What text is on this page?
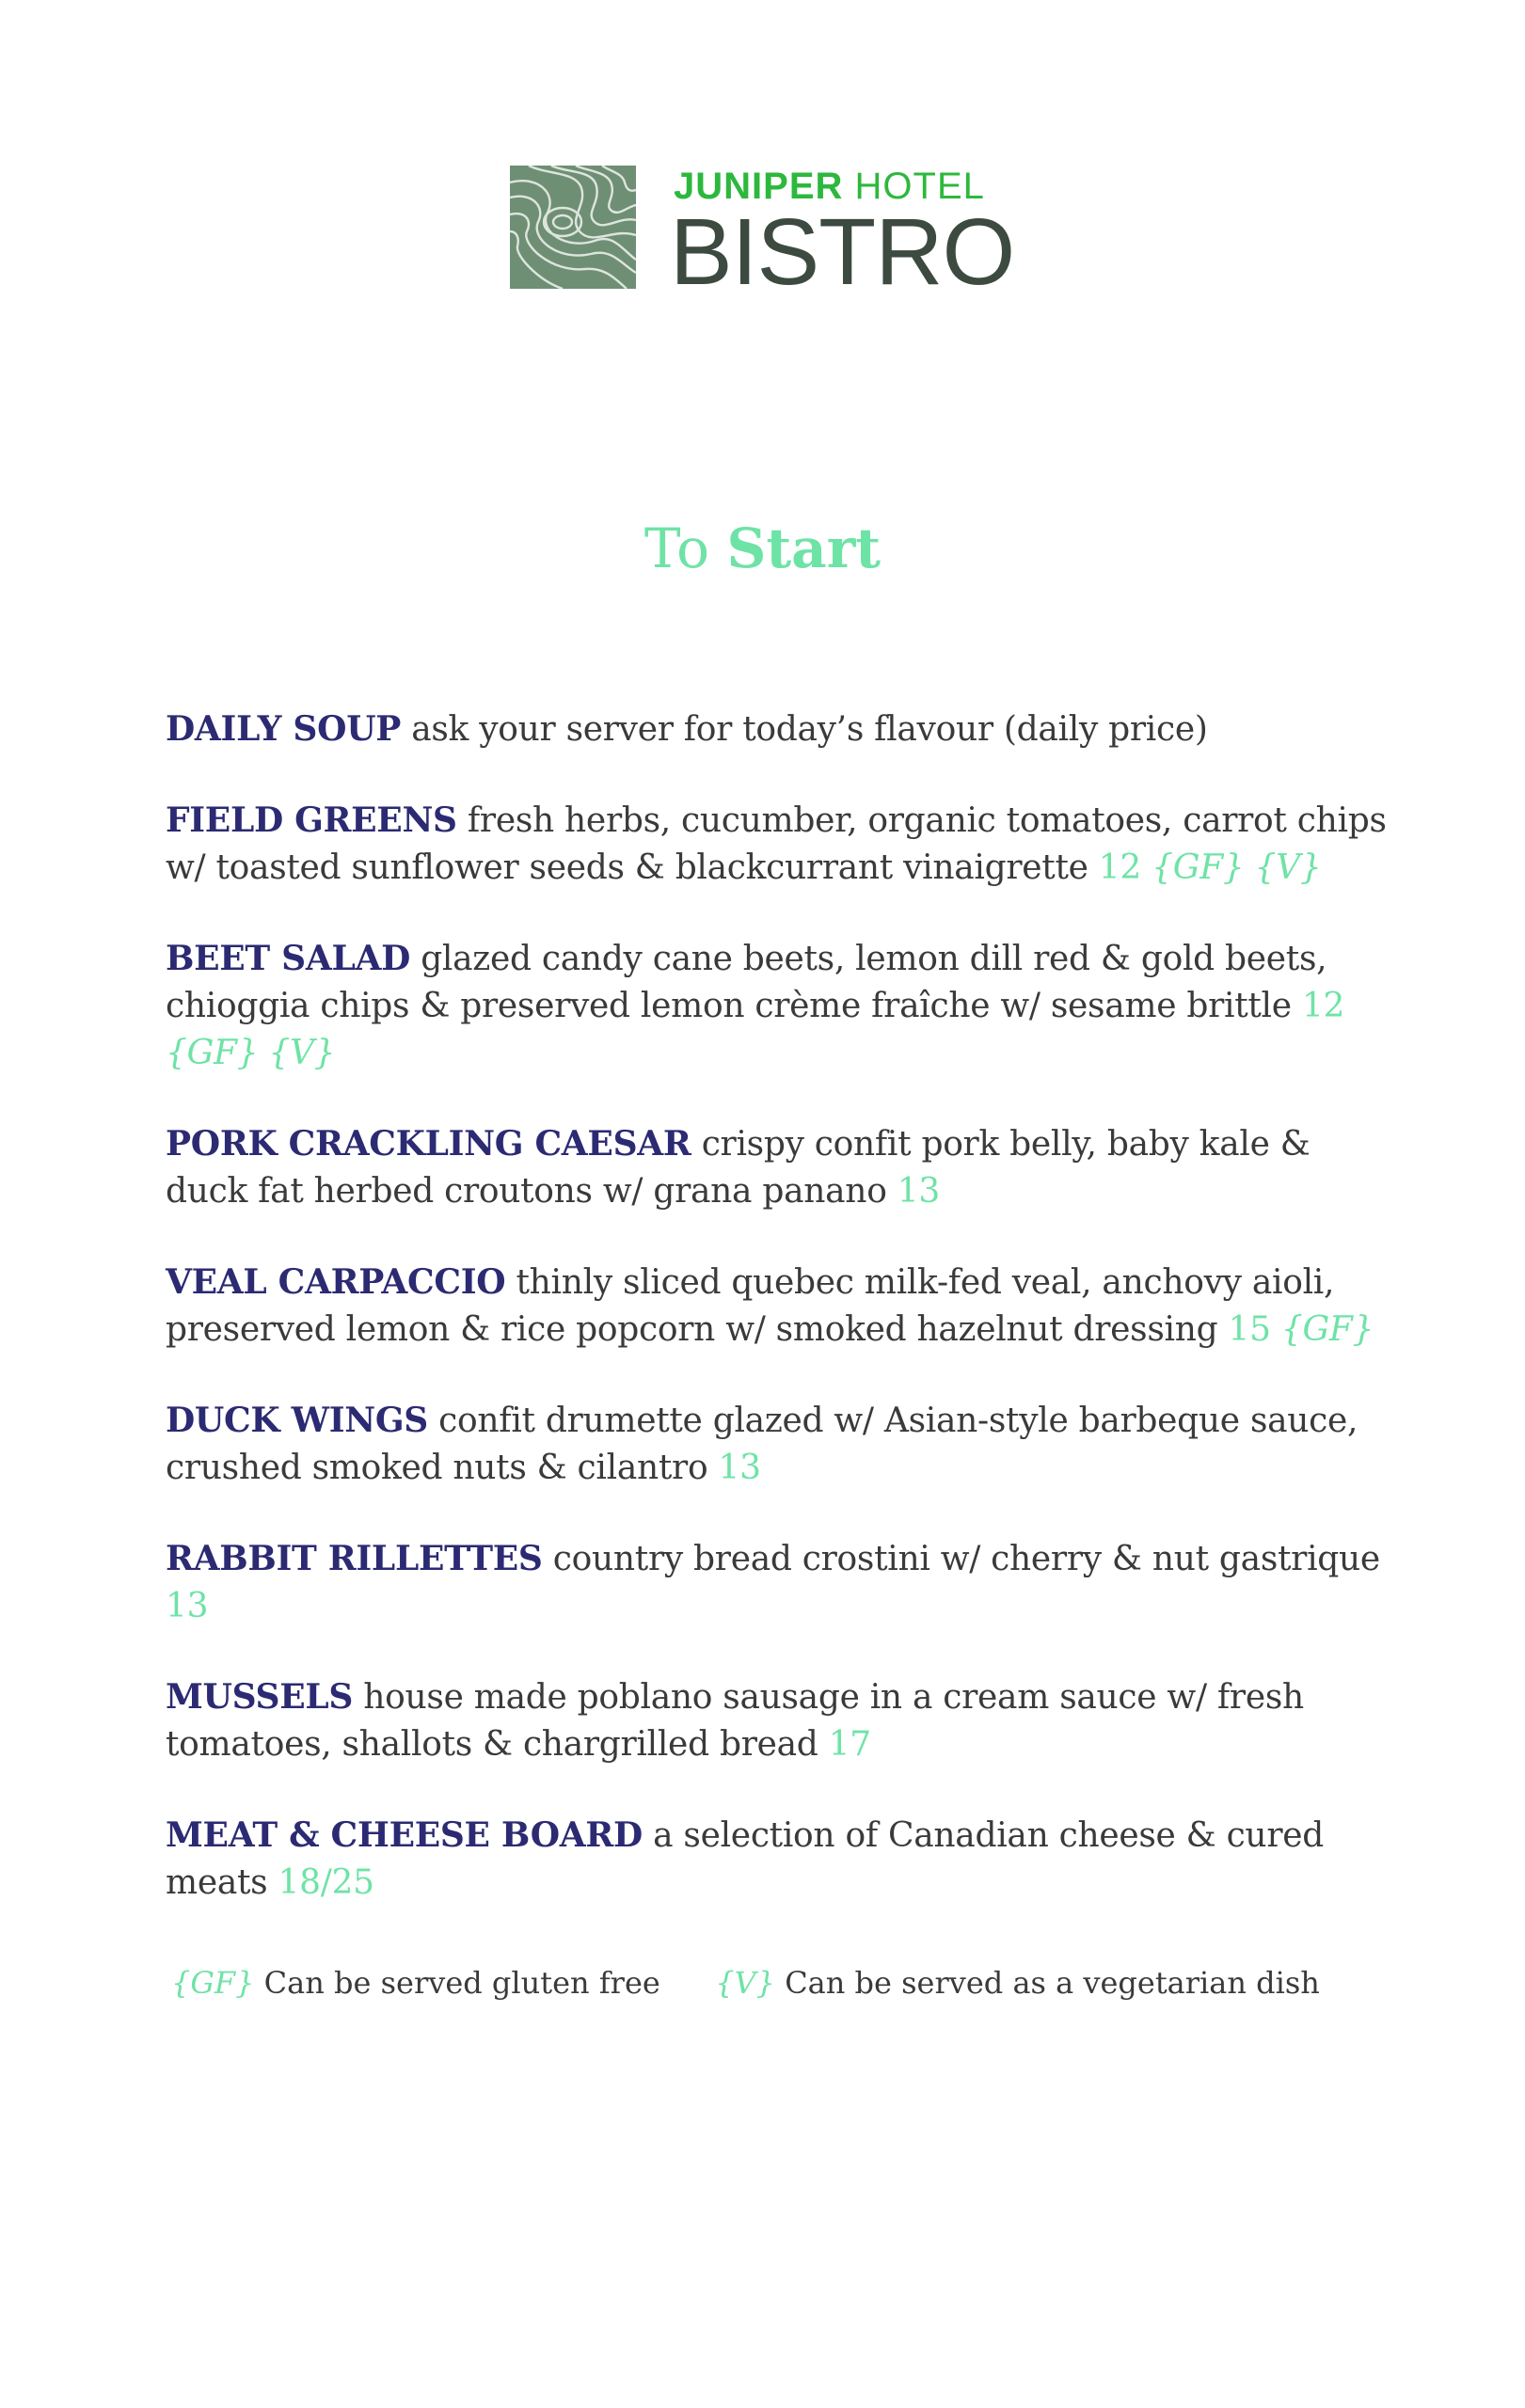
JUNIPER HOTEL
BISTRO
To Start
DAILY SOUP ask your server for today’s flavour (daily price)
FIELD GREENS fresh herbs, cucumber, organic tomatoes, carrot chips w/ toasted sunflower seeds & blackcurrant vinaigrette 12 {GF} {V}
BEET SALAD glazed candy cane beets, lemon dill red & gold beets, chioggia chips & preserved lemon crème fraîche w/ sesame brittle 12 {GF} {V}
PORK CRACKLING CAESAR crispy confit pork belly, baby kale & duck fat herbed croutons w/ grana panano 13
VEAL CARPACCIO thinly sliced quebec milk-fed veal, anchovy aioli, preserved lemon & rice popcorn w/ smoked hazelnut dressing 15 {GF}
DUCK WINGS confit drumette glazed w/ Asian-style barbeque sauce, crushed smoked nuts & cilantro 13
RABBIT RILLETTES country bread crostini w/ cherry & nut gastrique 13
MUSSELS house made poblano sausage in a cream sauce w/ fresh tomatoes, shallots & chargrilled bread 17
MEAT & CHEESE BOARD a selection of Canadian cheese & cured meats 18/25
{GF} Can be served gluten free {V} Can be served as a vegetarian dish
